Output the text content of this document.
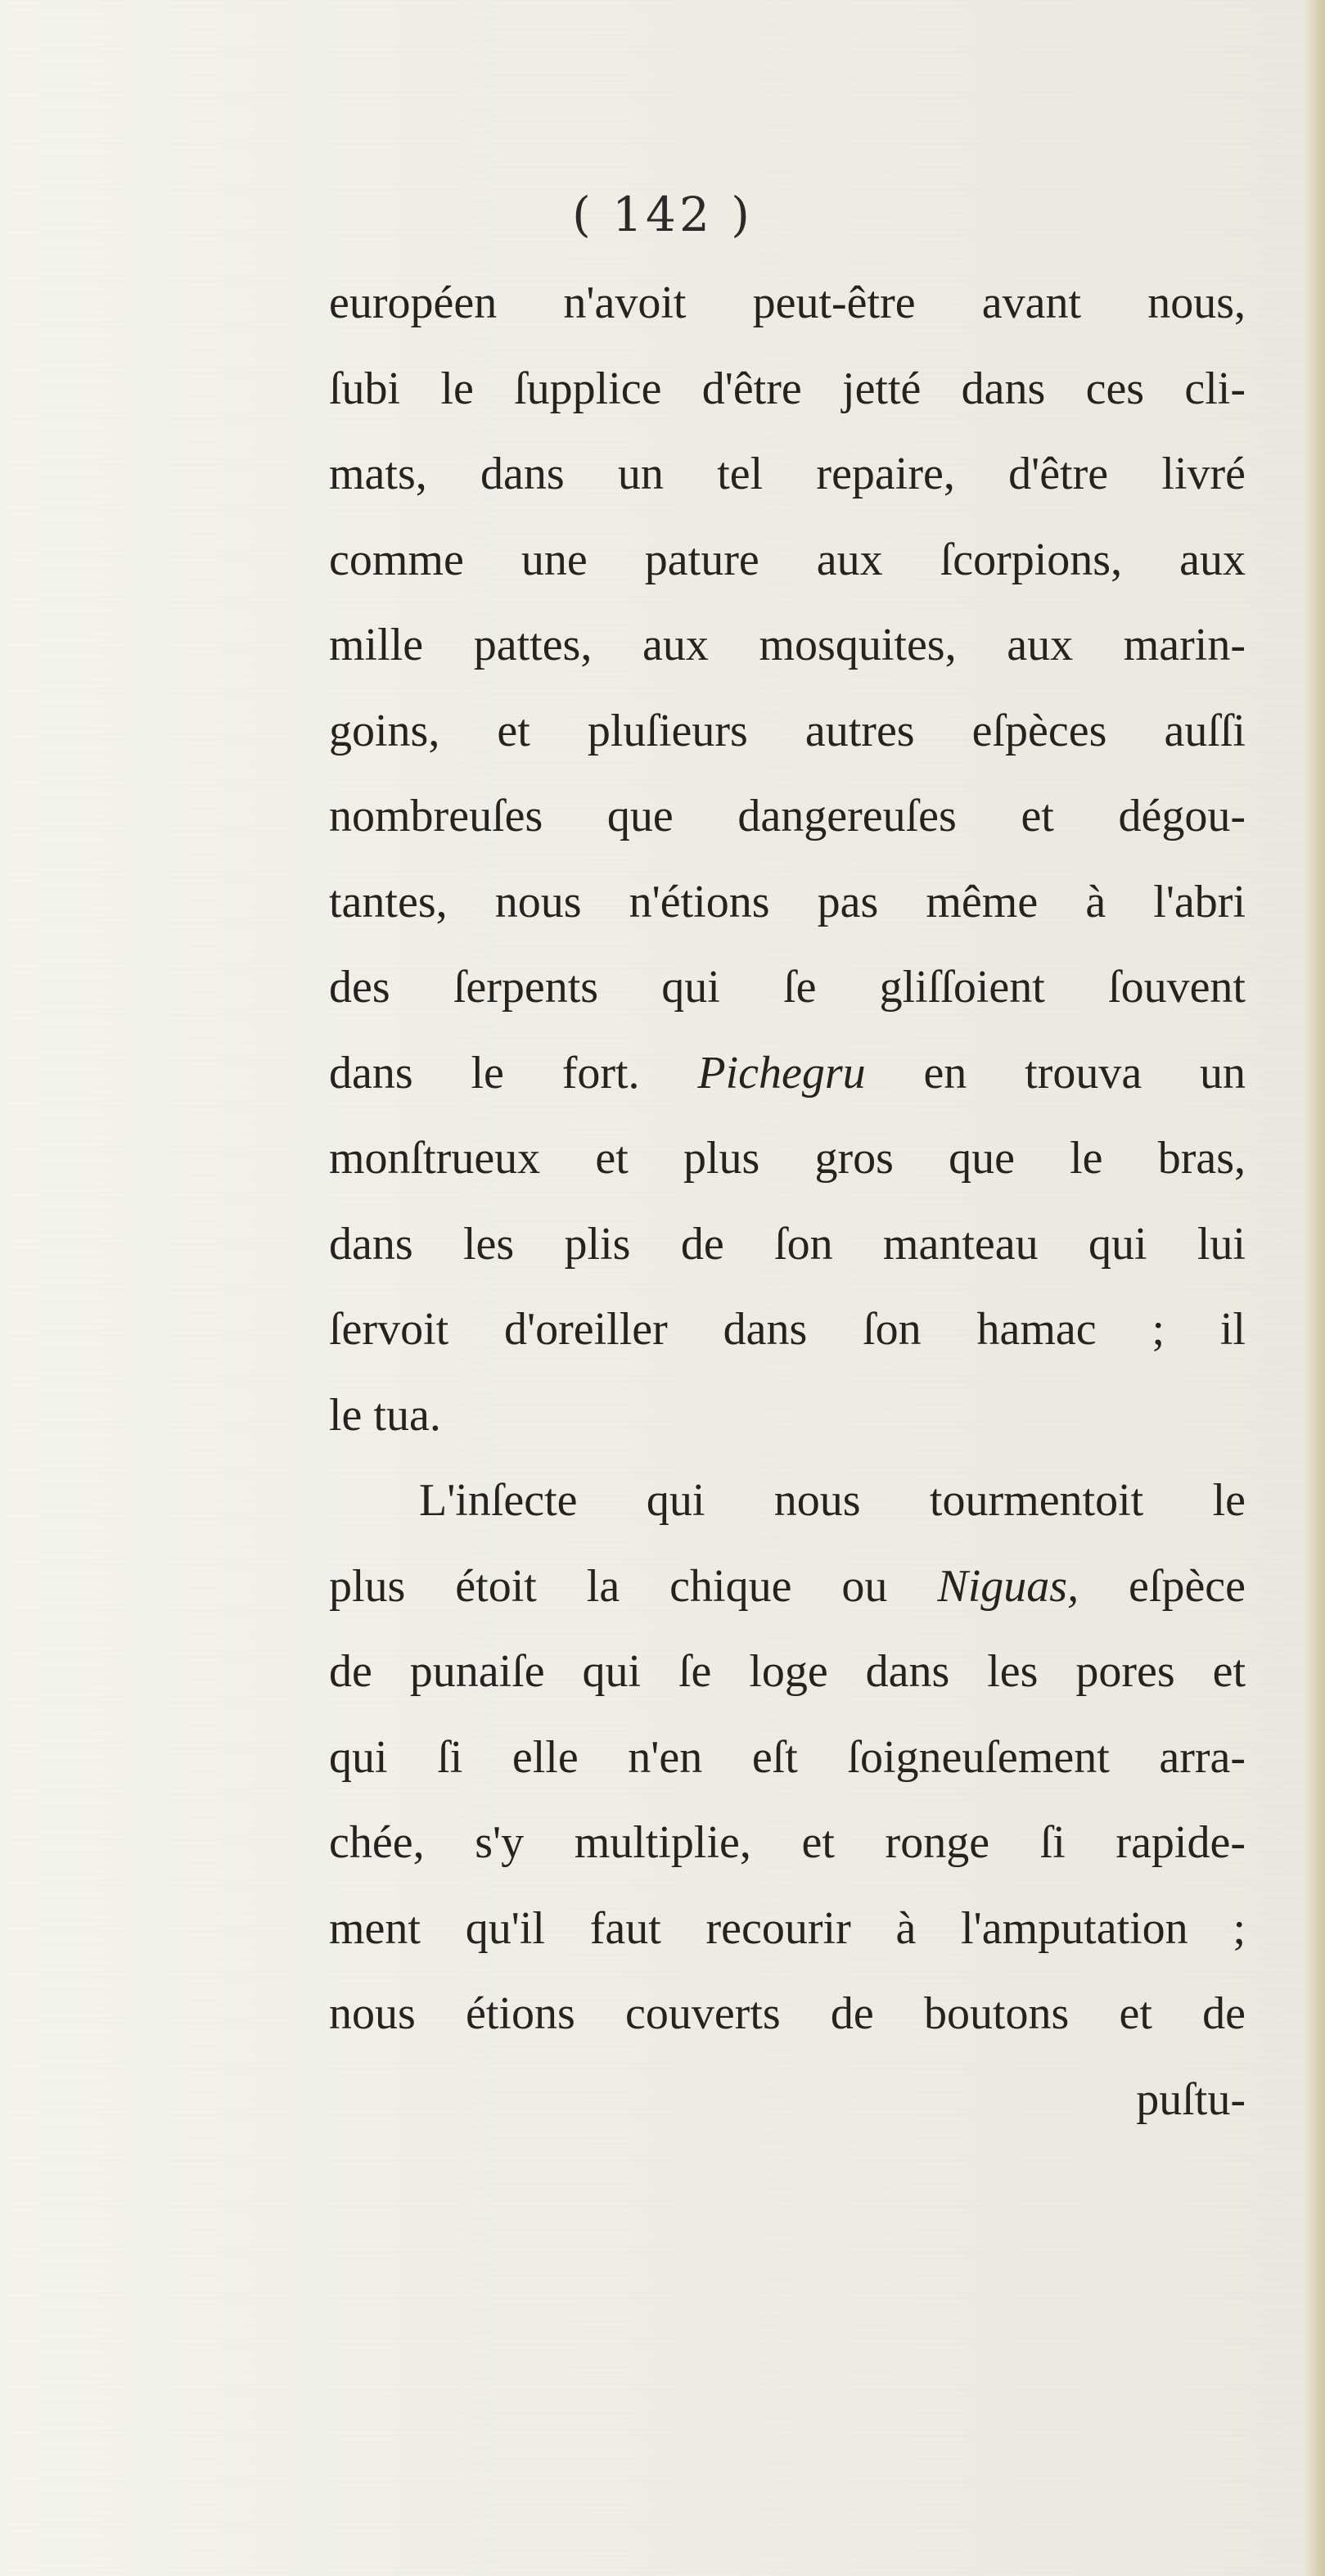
( 142 )
européen n'avoit peut-être avant nous,
ſubi le ſupplice d'être jetté dans ces cli-
mats, dans un tel repaire, d'être livré
comme une pature aux ſcorpions, aux
mille pattes, aux mosquites, aux marin-
goins, et pluſieurs autres eſpèces auſſi
nombreuſes que dangereuſes et dégou-
tantes, nous n'étions pas même à l'abri
des ſerpents qui ſe gliſſoient ſouvent
dans le fort. Pichegru en trouva un
monſtrueux et plus gros que le bras,
dans les plis de ſon manteau qui lui
ſervoit d'oreiller dans ſon hamac ; il
le tua.
L'inſecte qui nous tourmentoit le
plus étoit la chique ou Niguas, eſpèce
de punaiſe qui ſe loge dans les pores et
qui ſi elle n'en eſt ſoigneuſement arra-
chée, s'y multiplie, et ronge ſi rapide-
ment qu'il faut recourir à l'amputation ;
nous étions couverts de boutons et de
puſtu-
